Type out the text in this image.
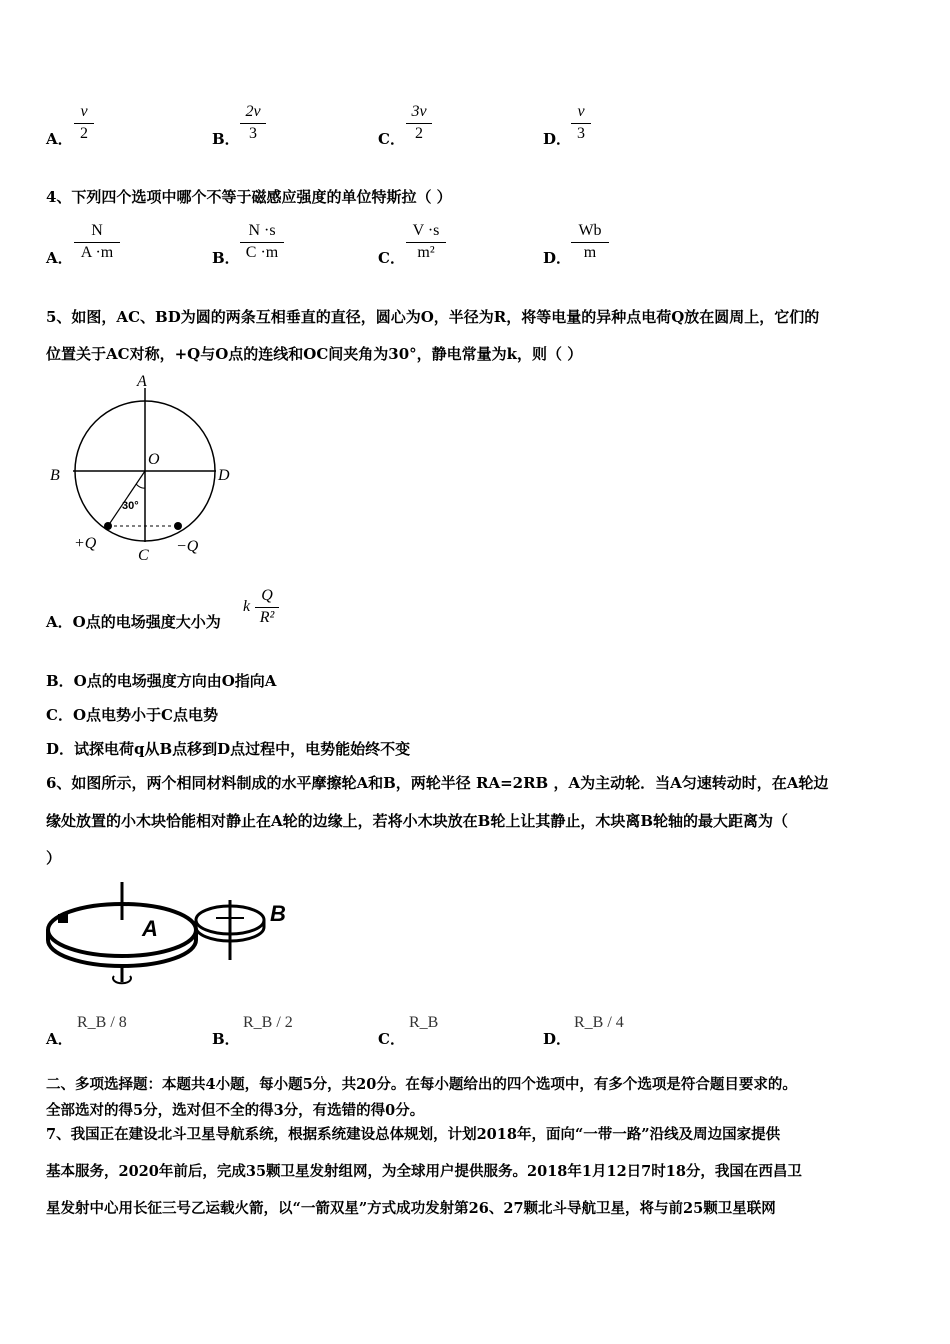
A． $\frac{v}{2}$	B． $\frac{2v}{3}$	C． $\frac{3v}{2}$	D． $\frac{v}{3}$
4、下列四个选项中哪个不等于磁感应强度的单位特斯拉（ ）
A． $\frac{N}{A \cdot m}$	B． $\frac{N \cdot s}{C \cdot m}$	C． $\frac{V \cdot s}{\text{m²}}$	D． $\frac{Wb}{m}$
5、如图，AC、BD为圆的两条互相垂直的直径，圆心为O，半径为R，将等电量的异种点电荷Q放在圆周上，它们的
位置关于AC对称，+Q与O点的连线和OC间夹角为30°，静电常量为k，则（ ）
A
B	D
O
C
30°
+Q	−Q
A．O点的电场强度大小为
k $\frac{Q}{\text{R²}}$
B．O点的电场强度方向由O指向A
C．O点电势小于C点电势
D．试探电荷q从B点移到D点过程中，电势能始终不变
6、如图所示，两个相同材料制成的水平摩擦轮A和B，两轮半径 RA=2RB ，A为主动轮．当A匀速转动时，在A轮边
缘处放置的小木块恰能相对静止在A轮的边缘上，若将小木块放在B轮上让其静止，木块离B轮轴的最大距离为（
）
A
B
A．
R_B / 8
B．
R_B / 2
C．
R_B
D．
R_B / 4
二、多项选择题：本题共4小题，每小题5分，共20分。在每小题给出的四个选项中，有多个选项是符合题目要求的。
全部选对的得5分，选对但不全的得3分，有选错的得0分。
7、我国正在建设北斗卫星导航系统，根据系统建设总体规划，计划2018年，面向“一带一路”沿线及周边国家提供
基本服务，2020年前后，完成35颗卫星发射组网，为全球用户提供服务。2018年1月12日7时18分，我国在西昌卫
星发射中心用长征三号乙运载火箭，以“一箭双星”方式成功发射第26、27颗北斗导航卫星，将与前25颗卫星联网
